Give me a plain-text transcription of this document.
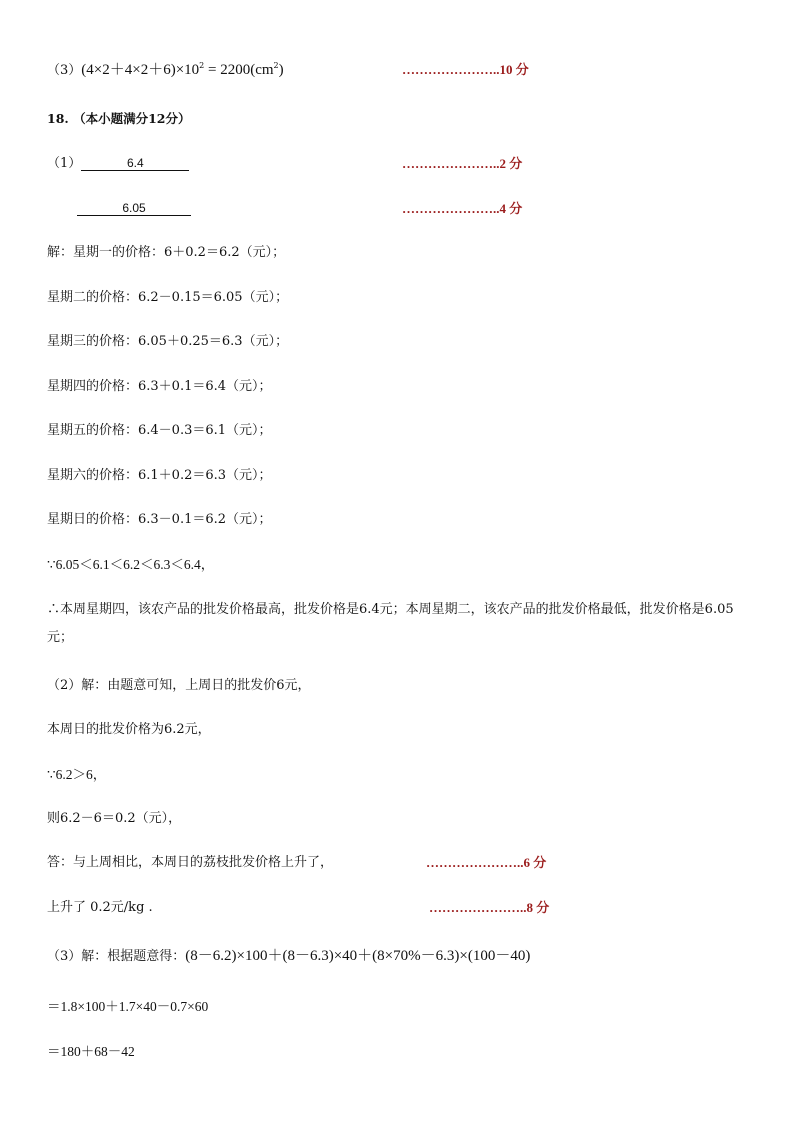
$(3)(4\times 2+4\times 2+6)\times 10^2 = 2200(cm^2)$	…………………..10 分
18. （本小题满分12分）
（1）	6.4	…………………..2 分
6.05	…………………..4 分
解：星期一的价格：6＋0.2＝6.2（元）；
星期二的价格：6.2－0.15＝6.05（元）；
星期三的价格：6.05＋0.25＝6.3（元）；
星期四的价格：6.3＋0.1＝6.4（元）；
星期五的价格：6.4－0.3＝6.1（元）；
星期六的价格：6.1＋0.2＝6.3（元）；
星期日的价格：6.3－0.1＝6.2（元）；
∵6.05＜6.1＜6.2＜6.3＜6.4，
∴本周星期四，该农产品的批发价格最高，批发价格是6.4元；本周星期二，该农产品的批发价格最低，批发价格是6.05元；
（2）解：由题意可知，上周日的批发价6元，
本周日的批发价格为6.2元，
∵6.2＞6，
则6.2－6＝0.2（元），
答：与上周相比，本周日的荔枝批发价格上升了，	…………………..6 分
上升了 0.2元/kg .	…………………..8 分
（3）解：根据题意得：(8－6.2)×100＋(8－6.3)×40＋(8×70%－6.3)×(100－40)
＝1.8×100＋1.7×40－0.7×60
＝180＋68－42
